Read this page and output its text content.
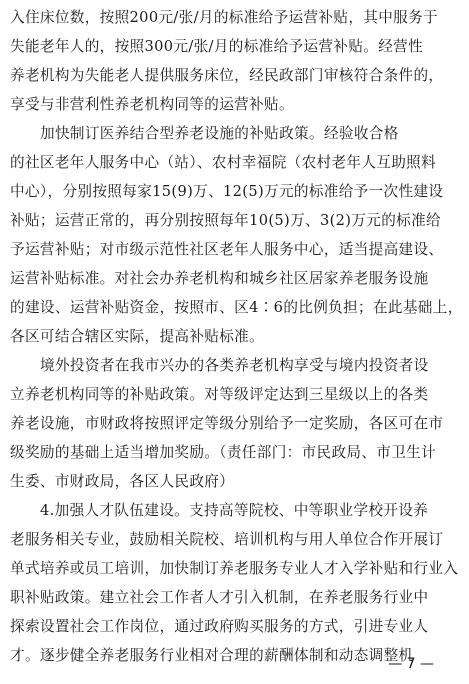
入住床位数，按照200元/张/月的标准给予运营补贴，其中服务于
失能老年人的，按照300元/张/月的标准给予运营补贴。经营性
养老机构为失能老人提供服务床位，经民政部门审核符合条件的，
享受与非营利性养老机构同等的运营补贴。
加快制订医养结合型养老设施的补贴政策。经验收合格
的社区老年人服务中心（站）、农村幸福院（农村老年人互助照料
中心），分别按照每家15(9)万、12(5)万元的标准给予一次性建设
补贴；运营正常的，再分别按照每年10(5)万、3(2)万元的标准给
予运营补贴；对市级示范性社区老年人服务中心，适当提高建设、
运营补贴标准。对社会办养老机构和城乡社区居家养老服务设施
的建设、运营补贴资金，按照市、区4∶6的比例负担；在此基础上，
各区可结合辖区实际，提高补贴标准。
境外投资者在我市兴办的各类养老机构享受与境内投资者设
立养老机构同等的补贴政策。对等级评定达到三星级以上的各类
养老设施，市财政将按照评定等级分别给予一定奖励，各区可在市
级奖励的基础上适当增加奖励。（责任部门：市民政局、市卫生计
生委、市财政局，各区人民政府）
4.加强人才队伍建设。支持高等院校、中等职业学校开设养
老服务相关专业，鼓励相关院校、培训机构与用人单位合作开展订
单式培养或员工培训，加快制订养老服务专业人才入学补贴和行业入
职补贴政策。建立社会工作者人才引入机制，在养老服务行业中
探索设置社会工作岗位，通过政府购买服务的方式，引进专业人
才。逐步健全养老服务行业相对合理的薪酬体制和动态调整机
— 7 —
